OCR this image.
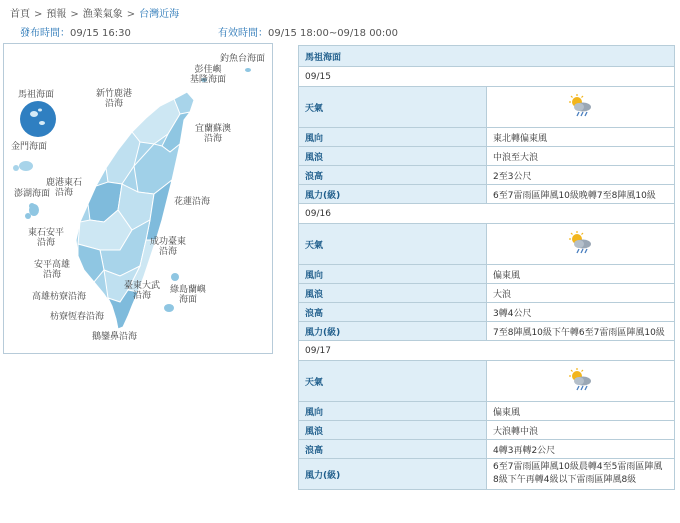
首頁 > 預報 > 漁業氣象 > 台灣近海
發布時間：09/15 16:30	有效時間：09/15 18:00~09/18 00:00
釣魚台海面
彭佳嶼
基隆海面
馬祖海面	新竹鹿港
沿海
宜蘭蘇澳
沿海
金門海面
鹿港東石
沿海
澎湖海面
花蓮沿海
東石安平
沿海	成功臺東
沿海
安平高雄
沿海
高雄枋寮沿海
臺東大武
沿海
綠島蘭嶼
海面
枋寮恆春沿海
鵝鑾鼻沿海
馬祖海面	
09/15	
天氣	
風向	東北轉偏東風
風浪	中浪至大浪
浪高	2至3公尺
風力(級)	6至7雷雨區陣風10級晚轉7至8陣風10級
09/16	
天氣	
風向	偏東風
風浪	大浪
浪高	3轉4公尺
風力(級)	7至8陣風10級下午轉6至7雷雨區陣風10級
09/17	
天氣	
風向	偏東風
風浪	大浪轉中浪
浪高	4轉3再轉2公尺
風力(級)	6至7雷雨區陣風10級晨轉4至5雷雨區陣風8級下午再轉4級以下雷雨區陣風8級
